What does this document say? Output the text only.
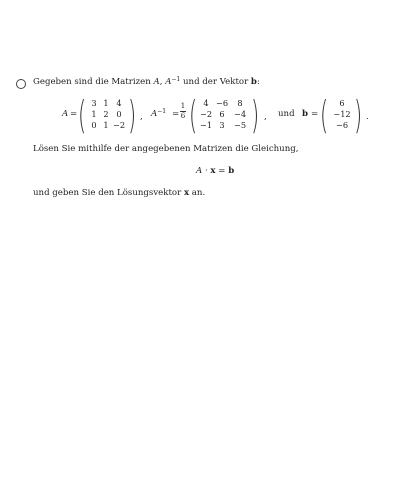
Gegeben sind die Matrizen A, $A^{-1}$ und der Vektor b:
A = ( 3 1 4
1 2 0
0 1 −2 ) , $A^{-1} = \frac{1}{6}$ ( 4 −6	8
−2 6	−4
−1 3	−5 ) , und b = (	6
−12
−6 ) .
Lösen Sie mithilfe der angegebenen Matrizen die Gleichung,
A · x = b
und geben Sie den Lösungsvektor x an.
